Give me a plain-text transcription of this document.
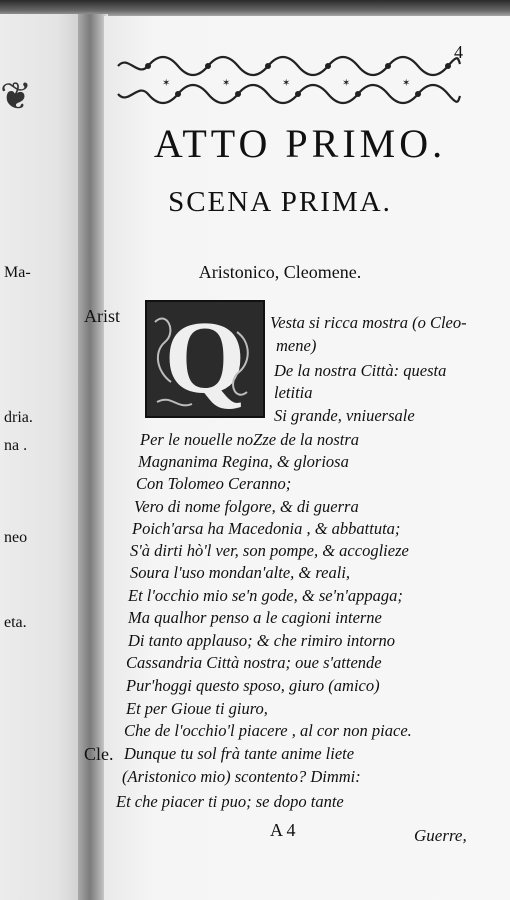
❦
Ma-
dria.
na .
neo
eta.
4
✶	✶	✶	✶	✶
ATTO PRIMO.
SCENA PRIMA.
Aristonico, Cleomene.
Arist
Cle.
Q	Vesta si ricca mostra (o Cleo-
mene)
De la nostra Città: questa
letitia
Si grande, vniuersale
Per le nouelle noZze de la nostra
Magnanima Regina, & gloriosa
Con Tolomeo Ceranno;
Vero di nome folgore, & di guerra
Poich'arsa ha Macedonia , & abbattuta;
S'à dirti hò'l ver, son pompe, & accoglieze
Soura l'uso mondan'alte, & reali,
Et l'occhio mio se'n gode, & se'n'appaga;
Ma qualhor penso a le cagioni interne
Di tanto applauso; & che rimiro intorno
Cassandria Città nostra; oue s'attende
Pur'hoggi questo sposo, giuro (amico)
Et per Gioue ti giuro,
Che de l'occhio'l piacere , al cor non piace.
Dunque tu sol frà tante anime liete
(Aristonico mio) scontento? Dimmi:
Et che piacer ti puo; se dopo tante
A 4	Guerre,
